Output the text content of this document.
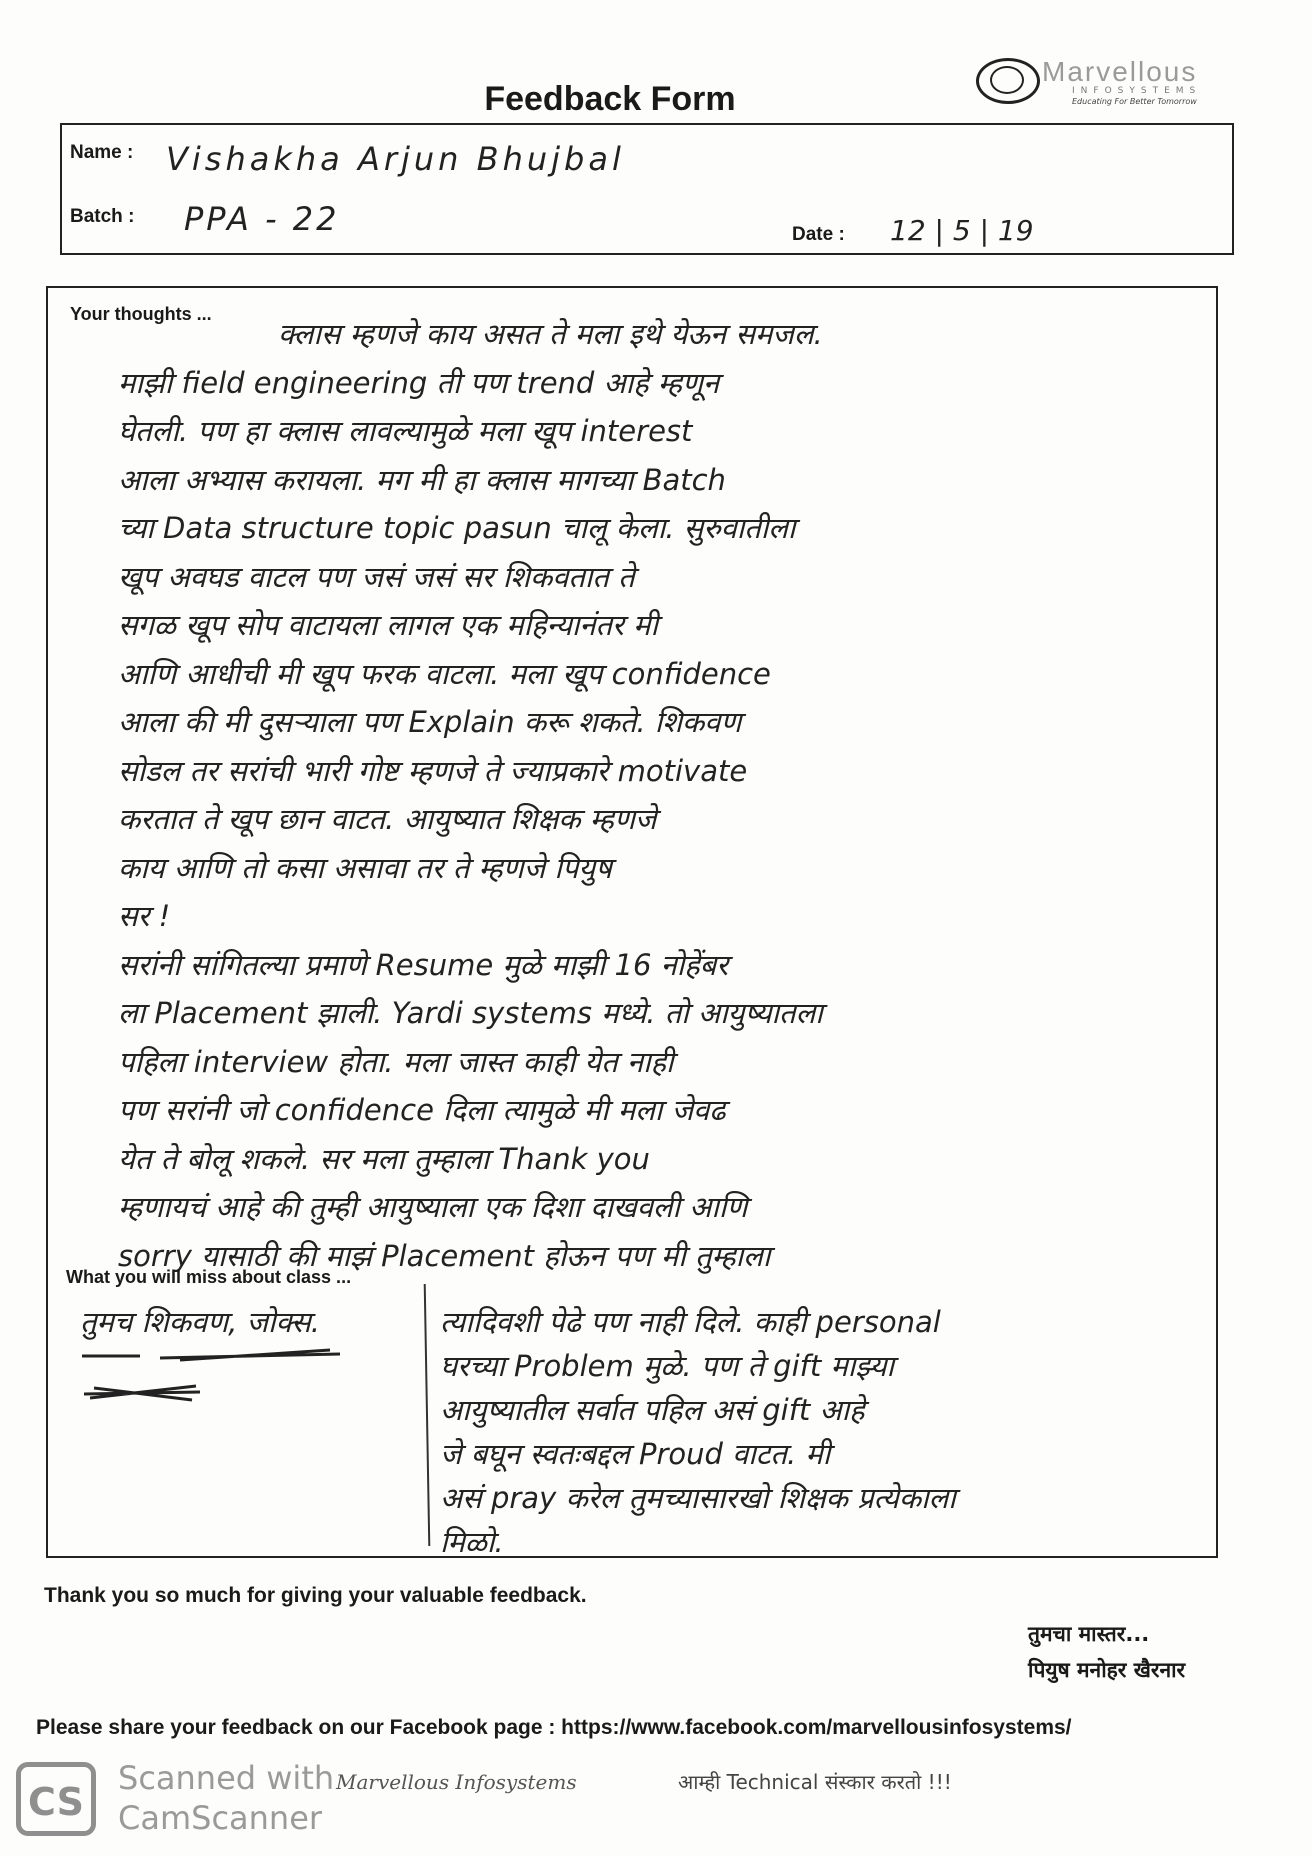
Marvellous
INFOSYSTEMS
Educating For Better Tomorrow
Feedback Form
Name : Vishakha Arjun Bhujbal
Batch : PPA - 22	Date : 12 | 5 | 19
Your thoughts ...

क्लास म्हणजे काय असत ते मला इथे येऊन समजल.

माझी field engineering ती पण trend आहे म्हणून

घेतली. पण हा क्लास लावल्यामुळे मला खूप interest

आला अभ्यास करायला. मग मी हा क्लास मागच्या Batch

च्या Data structure topic pasun चालू केला. सुरुवातीला

खूप अवघड वाटल पण जसं जसं सर शिकवतात ते

सगळ खूप सोप वाटायला लागल एक महिन्यानंतर मी

आणि आधीची मी खूप फरक वाटला. मला खूप confidence

आला की मी दुसऱ्याला पण Explain करू शकते. शिकवण

सोडल तर सरांची भारी गोष्ट म्हणजे ते ज्याप्रकारे motivate

करतात ते खूप छान वाटत. आयुष्यात शिक्षक म्हणजे

काय आणि तो कसा असावा तर ते म्हणजे पियुष

सर !

सरांनी सांगितल्या प्रमाणे Resume मुळे माझी 16 नोहेंबर

ला Placement झाली. Yardi systems मध्ये. तो आयुष्यातला

पहिला interview होता. मला जास्त काही येत नाही

पण सरांनी जो confidence दिला त्यामुळे मी मला जेवढ

येत ते बोलू शकले. सर मला तुम्हाला Thank you

म्हणायचं आहे की तुम्ही आयुष्याला एक दिशा दाखवली आणि

sorry यासाठी की माझं Placement होऊन पण मी तुम्हाला

What you will miss about class ...
तुमच शिकवण, जोक्स.	त्यादिवशी पेढे पण नाही दिले. काही personal

घरच्या Problem मुळे. पण ते gift माझ्या

आयुष्यातील सर्वात पहिल असं gift आहे

जे बघून स्वतःबद्दल Proud वाटत. मी

असं pray करेल तुमच्यासारखो शिक्षक प्रत्येकाला

मिळो.

Thank you so much for giving your valuable feedback.
तुमचा मास्तर...
पियुष मनोहर खैरनार
Please share your feedback on our Facebook page : https://www.facebook.com/marvellousinfosystems/
Marvellous Infosystems	आम्ही Technical संस्कार करतो !!!
CS
Scanned with
CamScanner
